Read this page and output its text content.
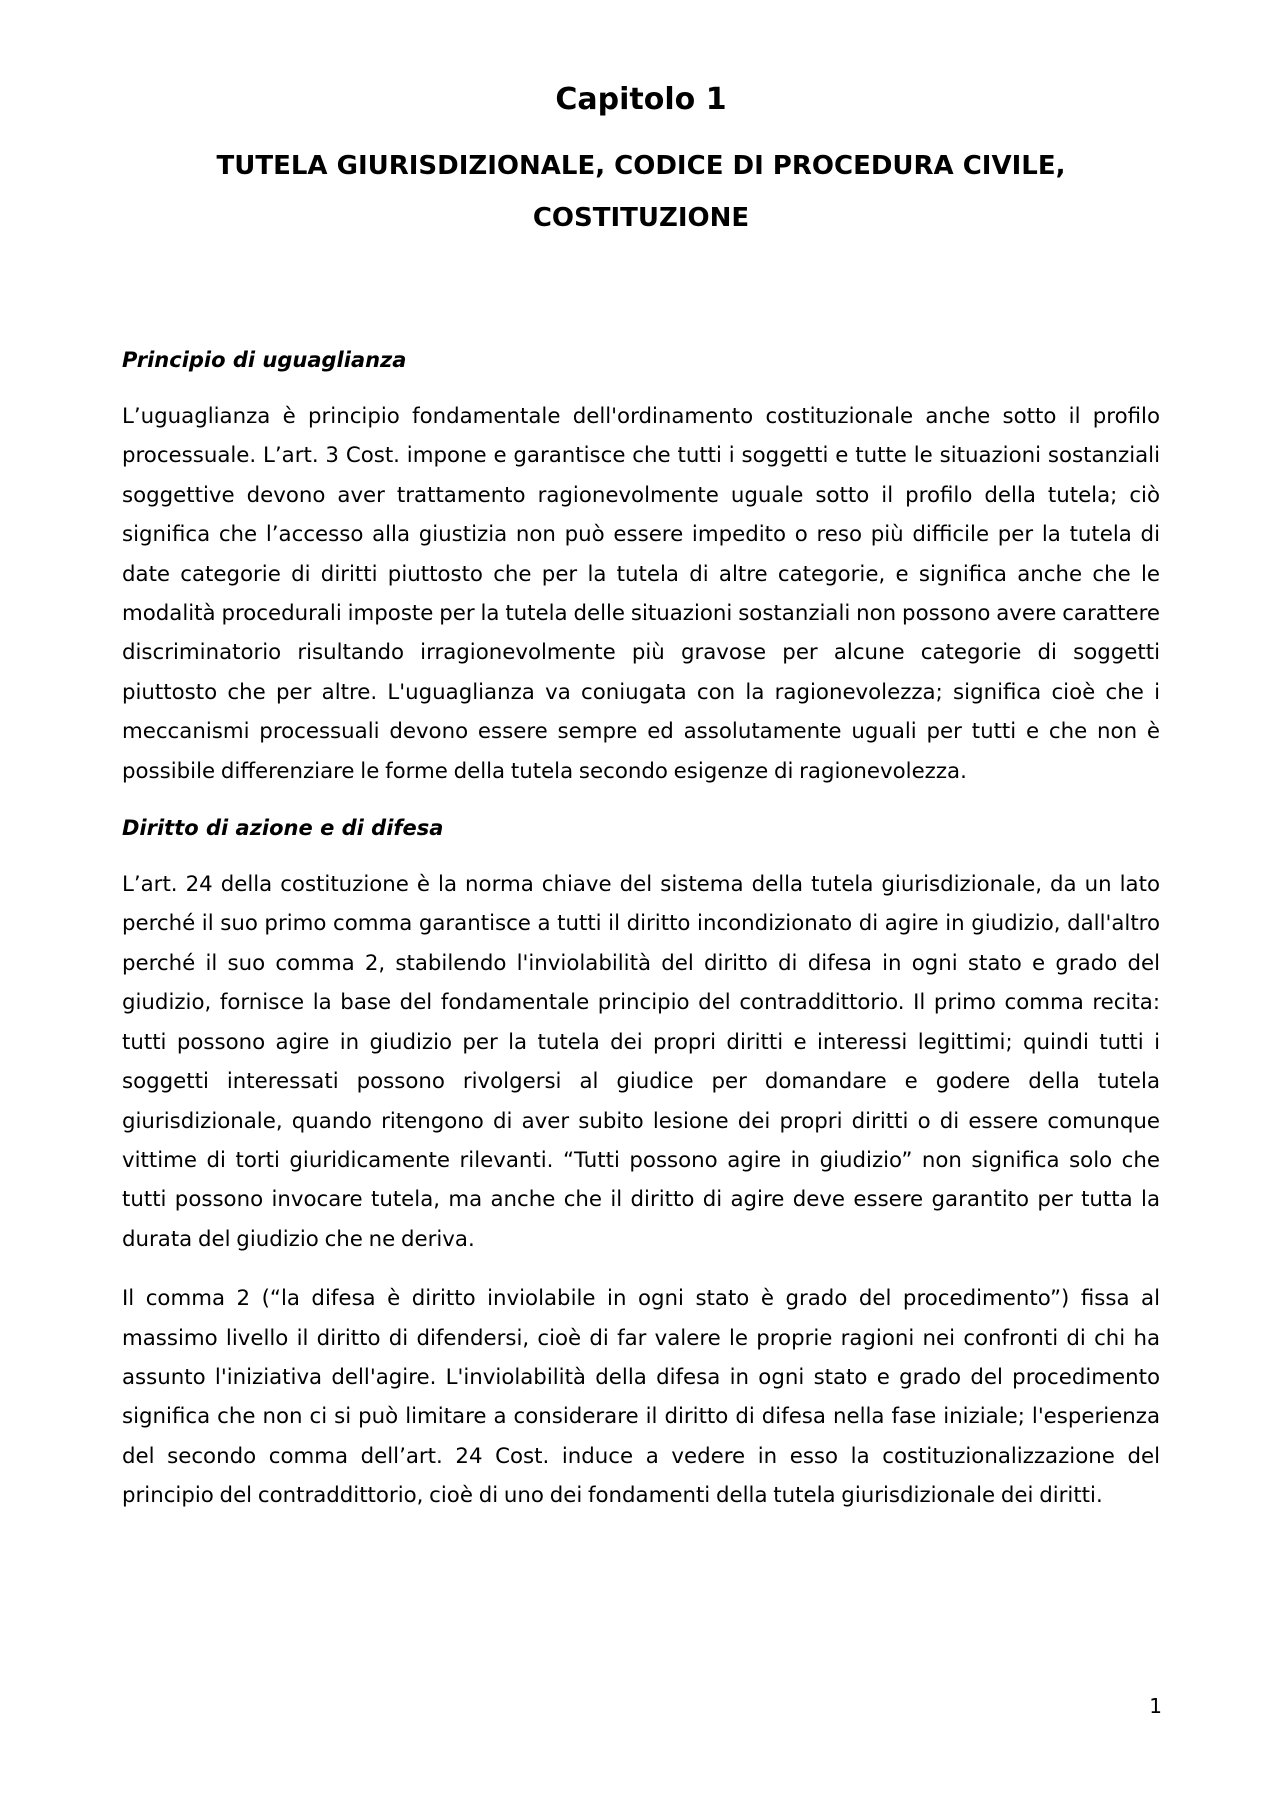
Capitolo 1
TUTELA GIURISDIZIONALE, CODICE DI PROCEDURA CIVILE,
COSTITUZIONE
Principio di uguaglianza

L’uguaglianza è principio fondamentale dell'ordinamento costituzionale anche sotto il profilo processuale. L’art. 3 Cost. impone e garantisce che tutti i soggetti e tutte le situazioni sostanziali soggettive devono aver trattamento ragionevolmente uguale sotto il profilo della tutela; ciò significa che l’accesso alla giustizia non può essere impedito o reso più difficile per la tutela di date categorie di diritti piuttosto che per la tutela di altre categorie, e significa anche che le modalità procedurali imposte per la tutela delle situazioni sostanziali non possono avere carattere discriminatorio risultando irragionevolmente più gravose per alcune categorie di soggetti piuttosto che per altre. L'uguaglianza va coniugata con la ragionevolezza; significa cioè che i meccanismi processuali devono essere sempre ed assolutamente uguali per tutti e che non è possibile differenziare le forme della tutela secondo esigenze di ragionevolezza.

Diritto di azione e di difesa

L’art. 24 della costituzione è la norma chiave del sistema della tutela giurisdizionale, da un lato perché il suo primo comma garantisce a tutti il diritto incondizionato di agire in giudizio, dall'altro perché il suo comma 2, stabilendo l'inviolabilità del diritto di difesa in ogni stato e grado del giudizio, fornisce la base del fondamentale principio del contraddittorio. Il primo comma recita: tutti possono agire in giudizio per la tutela dei propri diritti e interessi legittimi; quindi tutti i soggetti interessati possono rivolgersi al giudice per domandare e godere della tutela giurisdizionale, quando ritengono di aver subito lesione dei propri diritti o di essere comunque vittime di torti giuridicamente rilevanti. “Tutti possono agire in giudizio” non significa solo che tutti possono invocare tutela, ma anche che il diritto di agire deve essere garantito per tutta la durata del giudizio che ne deriva.

Il comma 2 (“la difesa è diritto inviolabile in ogni stato è grado del procedimento”) fissa al massimo livello il diritto di difendersi, cioè di far valere le proprie ragioni nei confronti di chi ha assunto l'iniziativa dell'agire. L'inviolabilità della difesa in ogni stato e grado del procedimento significa che non ci si può limitare a considerare il diritto di difesa nella fase iniziale; l'esperienza del secondo comma dell’art. 24 Cost. induce a vedere in esso la costituzionalizzazione del principio del contraddittorio, cioè di uno dei fondamenti della tutela giurisdizionale dei diritti.

1
